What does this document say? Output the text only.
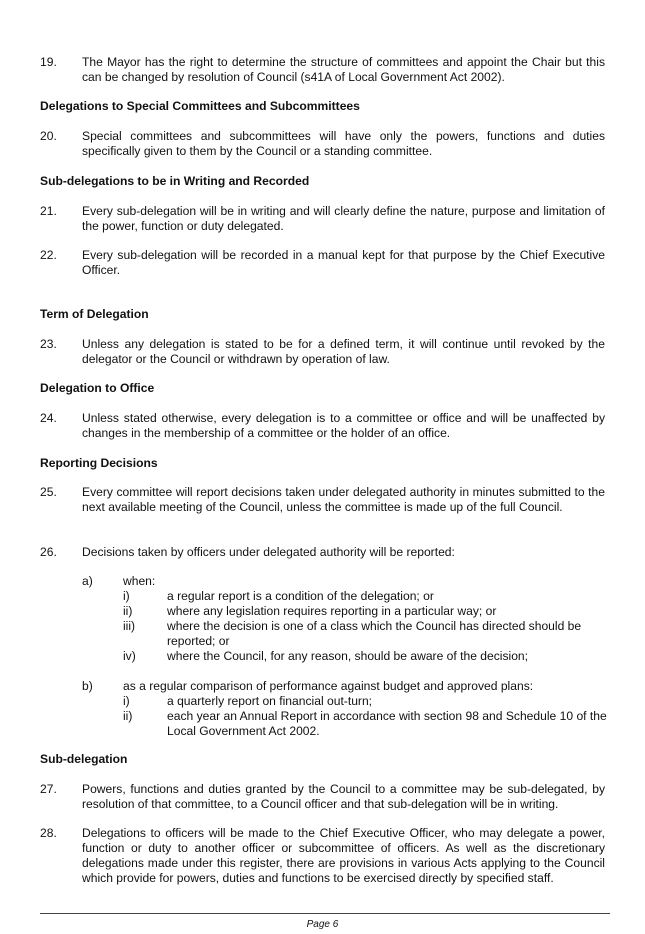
19. The Mayor has the right to determine the structure of committees and appoint the Chair but this can be changed by resolution of Council (s41A of Local Government Act 2002).
Delegations to Special Committees and Subcommittees
20. Special committees and subcommittees will have only the powers, functions and duties specifically given to them by the Council or a standing committee.
Sub-delegations to be in Writing and Recorded
21. Every sub-delegation will be in writing and will clearly define the nature, purpose and limitation of the power, function or duty delegated.
22. Every sub-delegation will be recorded in a manual kept for that purpose by the Chief Executive Officer.
Term of Delegation
23. Unless any delegation is stated to be for a defined term, it will continue until revoked by the delegator or the Council or withdrawn by operation of law.
Delegation to Office
24. Unless stated otherwise, every delegation is to a committee or office and will be unaffected by changes in the membership of a committee or the holder of an office.
Reporting Decisions
25. Every committee will report decisions taken under delegated authority in minutes submitted to the next available meeting of the Council, unless the committee is made up of the full Council.
26. Decisions taken by officers under delegated authority will be reported:
a) when:
i)	a regular report is a condition of the delegation; or
ii)	where any legislation requires reporting in a particular way; or
iii)	where the decision is one of a class which the Council has directed should be reported; or
iv)	where the Council, for any reason, should be aware of the decision;
b) as a regular comparison of performance against budget and approved plans:
i)	a quarterly report on financial out-turn;
ii)	each year an Annual Report in accordance with section 98 and Schedule 10 of the Local Government Act 2002.
Sub-delegation
27. Powers, functions and duties granted by the Council to a committee may be sub-delegated, by resolution of that committee, to a Council officer and that sub-delegation will be in writing.
28. Delegations to officers will be made to the Chief Executive Officer, who may delegate a power, function or duty to another officer or subcommittee of officers. As well as the discretionary delegations made under this register, there are provisions in various Acts applying to the Council which provide for powers, duties and functions to be exercised directly by specified staff.
Page 6
